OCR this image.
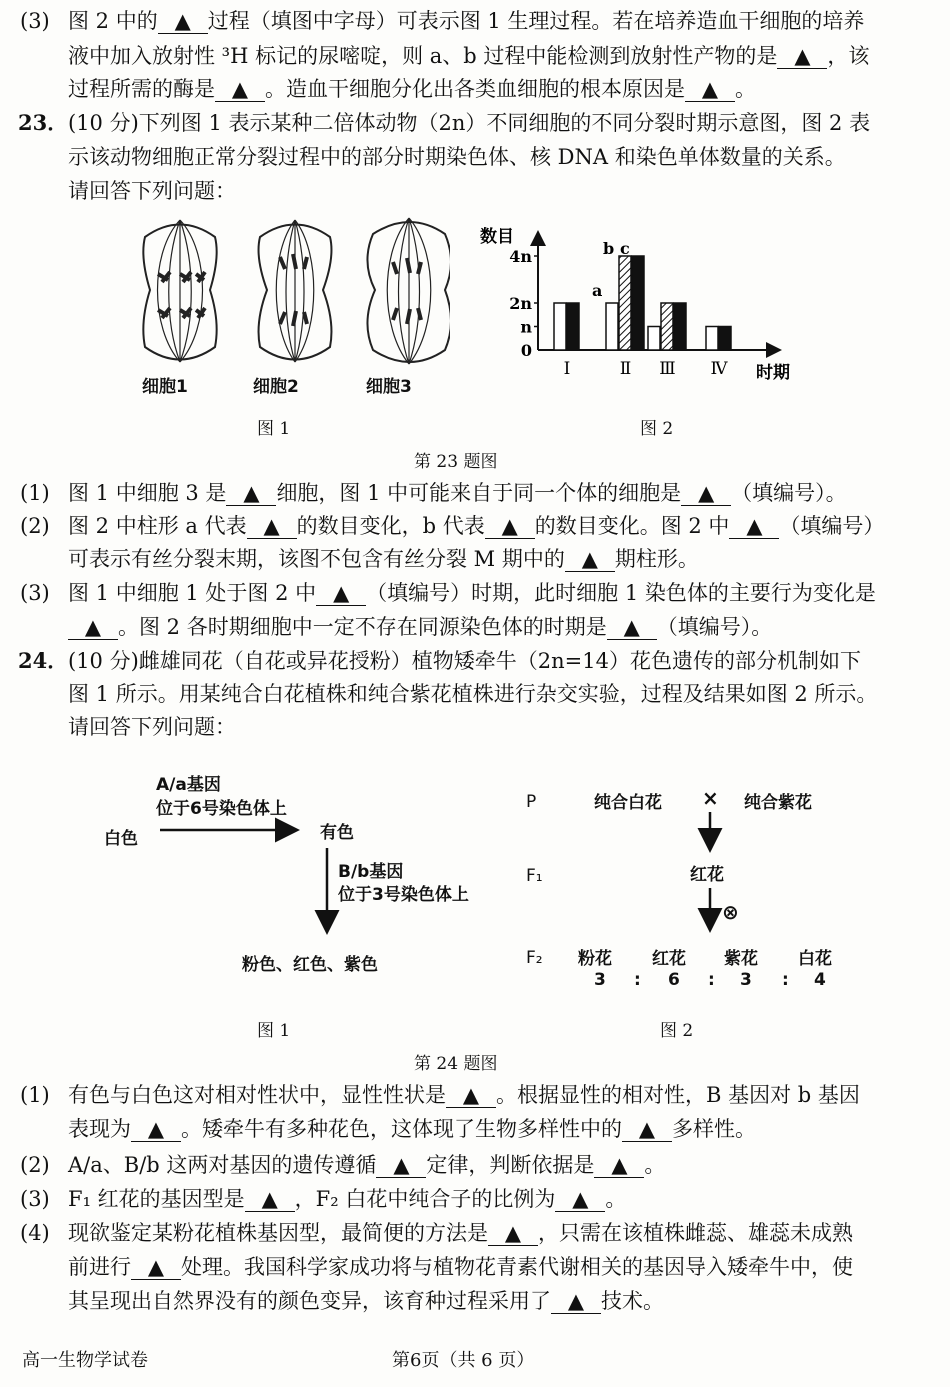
(3) 图 2 中的▲过程（填图中字母）可表示图 1 生理过程。若在培养造血干细胞的培养
液中加入放射性 ³H 标记的尿嘧啶，则 a、b 过程中能检测到放射性产物的是▲，该
过程所需的酶是▲。造血干细胞分化出各类血细胞的根本原因是▲。
23． (10 分)下列图 1 表示某种二倍体动物（2n）不同细胞的不同分裂时期示意图，图 2 表
示该动物细胞正常分裂过程中的部分时期染色体、核 DNA 和染色单体数量的关系。
请回答下列问题：
(1) 图 1 中细胞 3 是▲细胞，图 1 中可能来自于同一个体的细胞是▲（填编号）。
(2) 图 2 中柱形 a 代表▲的数目变化，b 代表▲的数目变化。图 2 中▲（填编号）
可表示有丝分裂末期，该图不包含有丝分裂 M 期中的▲期柱形。
(3) 图 1 中细胞 1 处于图 2 中▲（填编号）时期，此时细胞 1 染色体的主要行为变化是
▲。图 2 各时期细胞中一定不存在同源染色体的时期是▲（填编号）。
24． (10 分)雌雄同花（自花或异花授粉）植物矮牵牛（2n=14）花色遗传的部分机制如下
图 1 所示。用某纯合白花植株和纯合紫花植株进行杂交实验，过程及结果如图 2 所示。
请回答下列问题：
(1) 有色与白色这对相对性状中，显性性状是▲。根据显性的相对性，B 基因对 b 基因
表现为▲。矮牵牛有多种花色，这体现了生物多样性中的▲多样性。
(2) A/a、B/b 这两对基因的遗传遵循▲定律，判断依据是▲。
(3) F₁ 红花的基因型是▲，F₂ 白花中纯合子的比例为▲。
(4) 现欲鉴定某粉花植株基因型，最简便的方法是▲，只需在该植株雌蕊、雄蕊未成熟
前进行▲处理。我国科学家成功将与植物花青素代谢相关的基因导入矮牵牛中，使
其呈现出自然界没有的颜色变异，该育种过程采用了▲技术。
细胞1	细胞2	细胞3
图 1
数目
4n
2n
n
0
时期
Ⅰ	Ⅱ Ⅲ Ⅳ
a
b c
图 2
第 23 题图
A/a基因
位于6号染色体上
白色	有色
B/b基因
位于3号染色体上
粉色、红色、紫色
P	纯合白花 × 纯合紫花
F₁	红花
⊗
F₂ 粉花 红花 紫花 白花
3 : 6 : 3 : 4
图 1	图 2
第 24 题图
高一生物学试卷	第6页（共 6 页）
